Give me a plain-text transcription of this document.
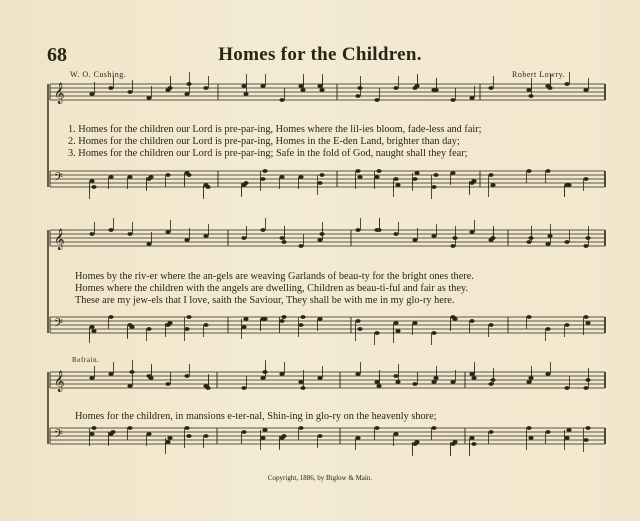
68	Homes for the Children.
W. O. Cushing.	Robert Lowry.
𝄞
𝄢
𝄞
𝄢
𝄞
𝄢
1. Homes for the children our Lord is pre-par-ing, Homes where the lil-ies bloom, fade-less and fair;
2. Homes for the children our Lord is pre-par-ing, Homes in the E-den Land, brighter than day;
3. Homes for the children our Lord is pre-par-ing; Safe in the fold of God, naught shall they fear;
Homes by the riv-er where the an-gels are weaving Garlands of beau-ty for the bright ones there.
Homes where the children with the angels are dwelling, Children as beau-ti-ful and fair as they.
These are my jew-els that I love, saith the Saviour, They shall be with me in my glo-ry here.
Refrain.
Homes for the children, in mansions e-ter-nal, Shin-ing in glo-ry on the heavenly shore;
Copyright, 1886, by Biglow & Main.
